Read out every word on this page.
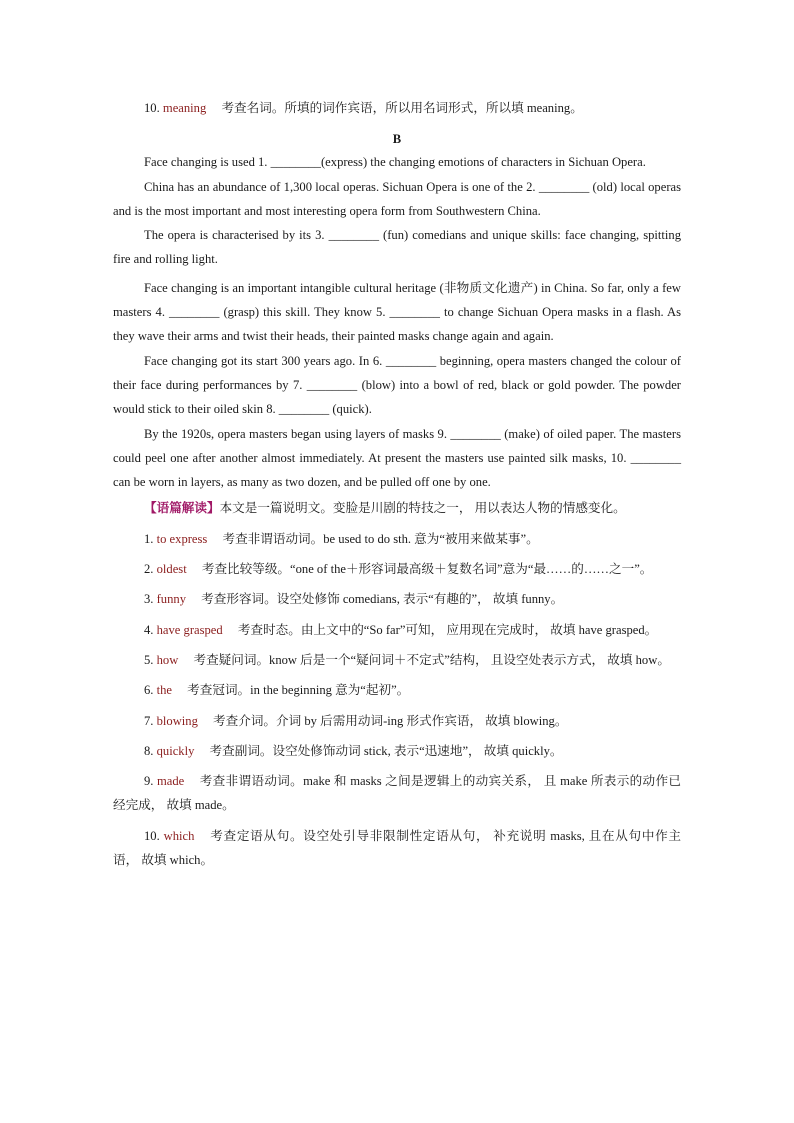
10. meaning 考查名词。所填的词作宾语，所以用名词形式，所以填 meaning。

B

Face changing is used 1. ________(express) the changing emotions of characters in Sichuan Opera.

China has an abundance of 1,300 local operas. Sichuan Opera is one of the 2. ________ (old) local operas and is the most important and most interesting opera form from Southwestern China.

The opera is characterised by its 3. ________ (fun) comedians and unique skills: face changing, spitting fire and rolling light.

Face changing is an important intangible cultural heritage (非物质文化遗产) in China. So far, only a few masters 4. ________ (grasp) this skill. They know 5. ________ to change Sichuan Opera masks in a flash. As they wave their arms and twist their heads, their painted masks change again and again.

Face changing got its start 300 years ago. In 6. ________ beginning, opera masters changed the colour of their face during performances by 7. ________ (blow) into a bowl of red, black or gold powder. The powder would stick to their oiled skin 8. ________ (quick).

By the 1920s, opera masters began using layers of masks 9. ________ (make) of oiled paper. The masters could peel one after another almost immediately. At present the masters use painted silk masks, 10. ________ can be worn in layers, as many as two dozen, and be pulled off one by one.

【语篇解读】本文是一篇说明文。变脸是川剧的特技之一， 用以表达人物的情感变化。

1. to express 考查非谓语动词。be used to do sth. 意为“被用来做某事”。

2. oldest 考查比较等级。“one of the＋形容词最高级＋复数名词”意为“最……的……之一”。

3. funny 考查形容词。设空处修饰 comedians, 表示“有趣的”， 故填 funny。

4. have grasped 考查时态。由上文中的“So far”可知， 应用现在完成时， 故填 have grasped。

5. how 考查疑问词。know 后是一个“疑问词＋不定式”结构， 且设空处表示方式， 故填 how。

6. the 考查冠词。in the beginning 意为“起初”。

7. blowing 考查介词。介词 by 后需用动词-ing 形式作宾语， 故填 blowing。

8. quickly 考查副词。设空处修饰动词 stick, 表示“迅速地”， 故填 quickly。

9. made 考查非谓语动词。make 和 masks 之间是逻辑上的动宾关系， 且 make 所表示的动作已经完成， 故填 made。

10. which 考查定语从句。设空处引导非限制性定语从句， 补充说明 masks, 且在从句中作主语， 故填 which。
